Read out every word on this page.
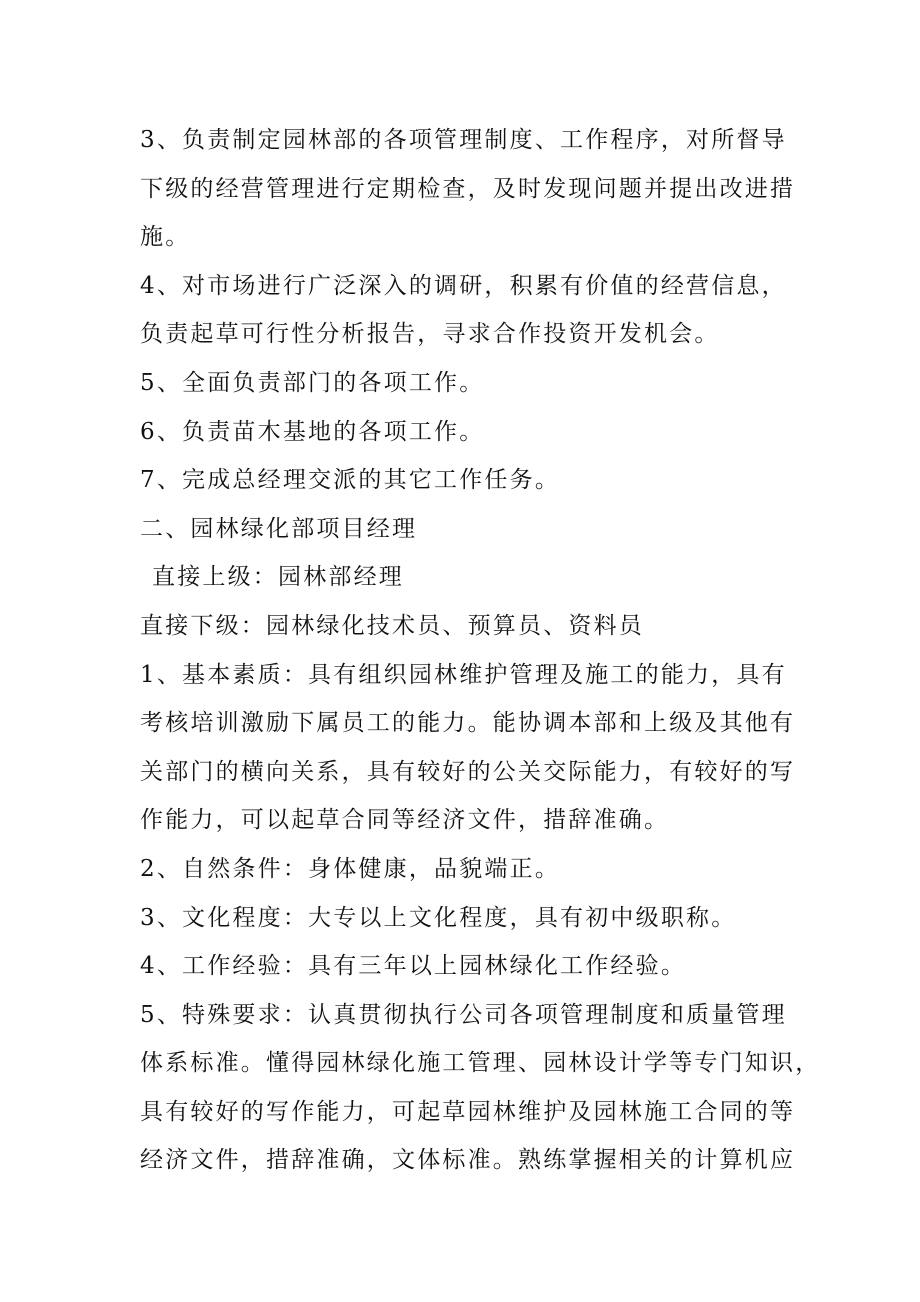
3、负责制定园林部的各项管理制度、工作程序，对所督导
下级的经营管理进行定期检查，及时发现问题并提出改进措
施。
4、对市场进行广泛深入的调研，积累有价值的经营信息，
负责起草可行性分析报告，寻求合作投资开发机会。
5、全面负责部门的各项工作。
6、负责苗木基地的各项工作。
7、完成总经理交派的其它工作任务。
二、园林绿化部项目经理
直接上级：园林部经理
直接下级：园林绿化技术员、预算员、资料员
1、基本素质：具有组织园林维护管理及施工的能力，具有
考核培训激励下属员工的能力。能协调本部和上级及其他有
关部门的横向关系，具有较好的公关交际能力，有较好的写
作能力，可以起草合同等经济文件，措辞准确。
2、自然条件：身体健康，品貌端正。
3、文化程度：大专以上文化程度，具有初中级职称。
4、工作经验：具有三年以上园林绿化工作经验。
5、特殊要求：认真贯彻执行公司各项管理制度和质量管理
体系标准。懂得园林绿化施工管理、园林设计学等专门知识，
具有较好的写作能力，可起草园林维护及园林施工合同的等
经济文件，措辞准确，文体标准。熟练掌握相关的计算机应
